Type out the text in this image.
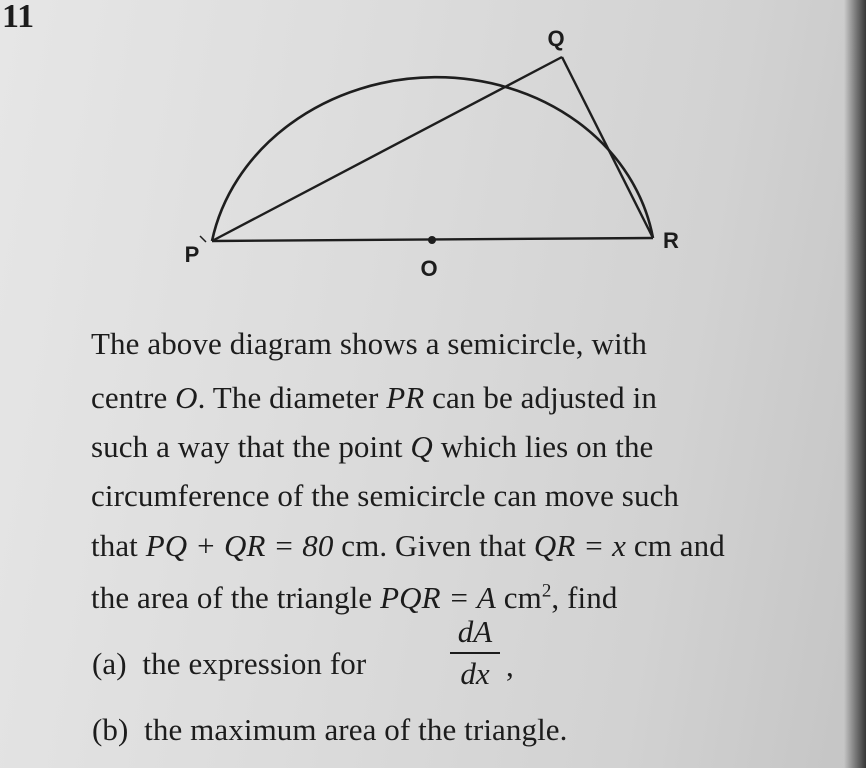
11
Q
P
R
O
The above diagram shows a semicircle, with
centre O. The diameter PR can be adjusted in
such a way that the point Q which lies on the
circumference of the semicircle can move such
that PQ + QR = 80 cm. Given that QR = x cm and
the area of the triangle PQR = A $cm^2$, find
(a) the expression for
dA
dx ,
(b) the maximum area of the triangle.
